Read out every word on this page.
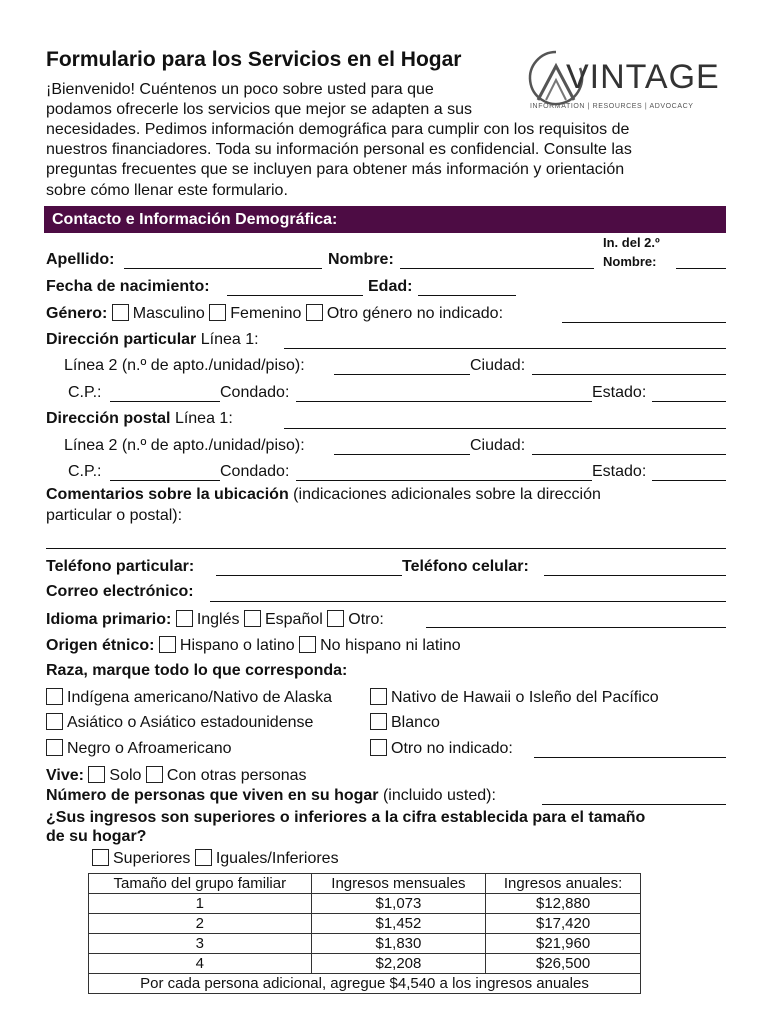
Formulario para los Servicios en el Hogar
¡Bienvenido! Cuéntenos un poco sobre usted para que
podamos ofrecerle los servicios que mejor se adapten a sus
necesidades. Pedimos información demográfica para cumplir con los requisitos de
nuestros financiadores. Toda su información personal es confidencial. Consulte las
preguntas frecuentes que se incluyen para obtener más información y orientación
sobre cómo llenar este formulario.
VINTAGE
INFORMATION | RESOURCES | ADVOCACY
Contacto e Información Demográfica:
Apellido:	Nombre:
In. del 2.º
Nombre:
Fecha de nacimiento:	Edad:
Género: Masculino Femenino Otro género no indicado:
Dirección particular Línea 1:
Línea 2 (n.º de apto./unidad/piso):	Ciudad:
C.P.:	Condado:	Estado:
Dirección postal Línea 1:
Línea 2 (n.º de apto./unidad/piso):	Ciudad:
C.P.:	Condado:	Estado:
Comentarios sobre la ubicación (indicaciones adicionales sobre la dirección
particular o postal):
Teléfono particular:	Teléfono celular:
Correo electrónico:
Idioma primario: Inglés Español Otro:
Origen étnico: Hispano o latino No hispano ni latino
Raza, marque todo lo que corresponda:
Indígena americano/Nativo de Alaska	Nativo de Hawaii o Isleño del Pacífico
Asiático o Asiático estadounidense	Blanco
Negro o Afroamericano	Otro no indicado:
Vive: Solo Con otras personas
Número de personas que viven en su hogar (incluido usted):
¿Sus ingresos son superiores o inferiores a la cifra establecida para el tamaño
de su hogar?
Superiores Iguales/Inferiores
Tamaño del grupo familiar	Ingresos mensuales	Ingresos anuales:
1	$1,073	$12,880
2	$1,452	$17,420
3	$1,830	$21,960
4	$2,208	$26,500
Por cada persona adicional, agregue $4,540 a los ingresos anuales		
